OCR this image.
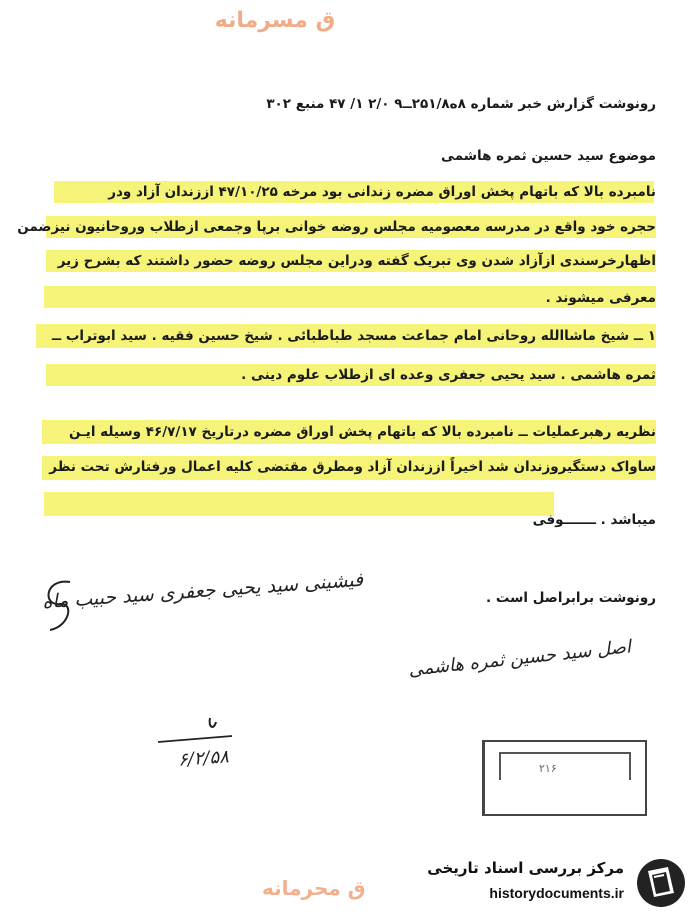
ق مسرمانه
رونوشت گزارش خبر شماره ۸ه۲۵۱/۸ــ۹ ۲/۰ ۱/ ۴۷ منبع ۳۰۲
موضوع سید حسین ثمره هاشمی
نامبرده بالا که باتهام پخش اوراق مضره زندانی بود مرخه ۴۷/۱۰/۲۵ اززندان آزاد ودر
حجره خود واقع در مدرسه معصومیه مجلس روضه خوانی برپا وجمعی ازطلاب وروحانیون نیزضمن
اظهارخرسندی ازآزاد شدن وی تبریک گفته ودراین مجلس روضه حضور داشتند که بشرح زیر
معرفی میشوند .
۱ ــ شیخ ماشاالله روحانی امام جماعت مسجد طباطبائی . شیخ حسین فقیه . سید ابوتراب ــ
ثمره هاشمی . سید یحیی جعفری وعده ای ازطلاب علوم دینی .
نظریه رهبرعملیات ــ نامبرده بالا که باتهام پخش اوراق مضره درتاریخ ۴۶/۷/۱۷ وسیله ایـن
ساواک دستگیروزندان شد اخیراً اززندان آزاد ومطرق مقتضی کلیه اعمال ورفتارش تحت نظر
میباشد . ـــــــوفی
رونوشت برابراصل است .
فیشینی سید یحیی جعفری سید حبیب ماه
اصل سید حسین ثمره هاشمی
۶/۲/۵۸	۲۱۶
ق محرمانه
مرکز بررسی اسناد تاریخی
historydocuments.ir
